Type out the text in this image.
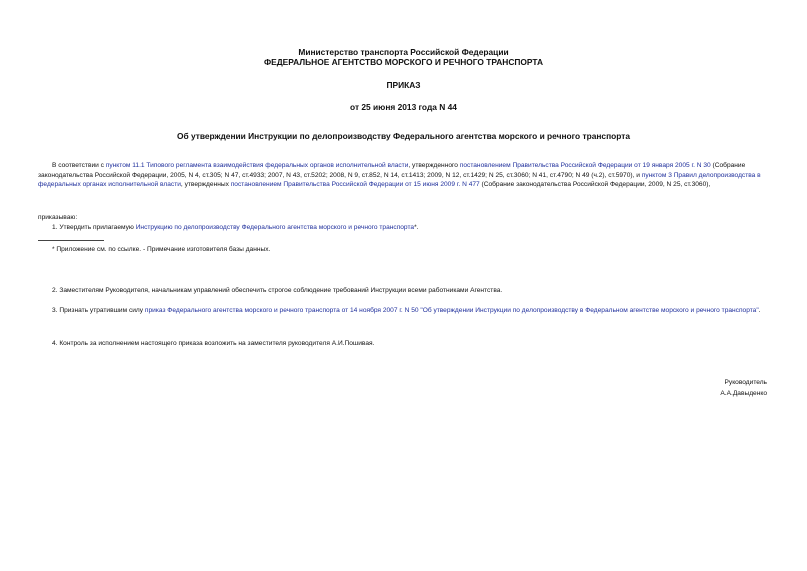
Министерство транспорта Российской Федерации
ФЕДЕРАЛЬНОЕ АГЕНТСТВО МОРСКОГО И РЕЧНОГО ТРАНСПОРТА
ПРИКАЗ
от 25 июня 2013 года N 44
Об утверждении Инструкции по делопроизводству Федерального агентства морского и речного транспорта
В соответствии с пунктом 11.1 Типового регламента взаимодействия федеральных органов исполнительной власти, утвержденного постановлением Правительства Российской Федерации от 19 января 2005 г. N 30 (Собрание законодательства Российской Федерации, 2005, N 4, ст.305; N 47, ст.4933; 2007, N 43, ст.5202; 2008, N 9, ст.852, N 14, ст.1413; 2009, N 12, ст.1429; N 25, ст.3060; N 41, ст.4790; N 49 (ч.2), ст.5970), и пунктом 3 Правил делопроизводства в федеральных органах исполнительной власти, утвержденных постановлением Правительства Российской Федерации от 15 июня 2009 г. N 477 (Собрание законодательства Российской Федерации, 2009, N 25, ст.3060),
приказываю:
1. Утвердить прилагаемую Инструкцию по делопроизводству Федерального агентства морского и речного транспорта*.
* Приложение см. по ссылке. - Примечание изготовителя базы данных.
2. Заместителям Руководителя, начальникам управлений обеспечить строгое соблюдение требований Инструкции всеми работниками Агентства.
3. Признать утратившим силу приказ Федерального агентства морского и речного транспорта от 14 ноября 2007 г. N 50 "Об утверждении Инструкции по делопроизводству в Федеральном агентстве морского и речного транспорта".
4. Контроль за исполнением настоящего приказа возложить на заместителя руководителя А.И.Пошивая.
Руководитель
А.А.Давыденко
